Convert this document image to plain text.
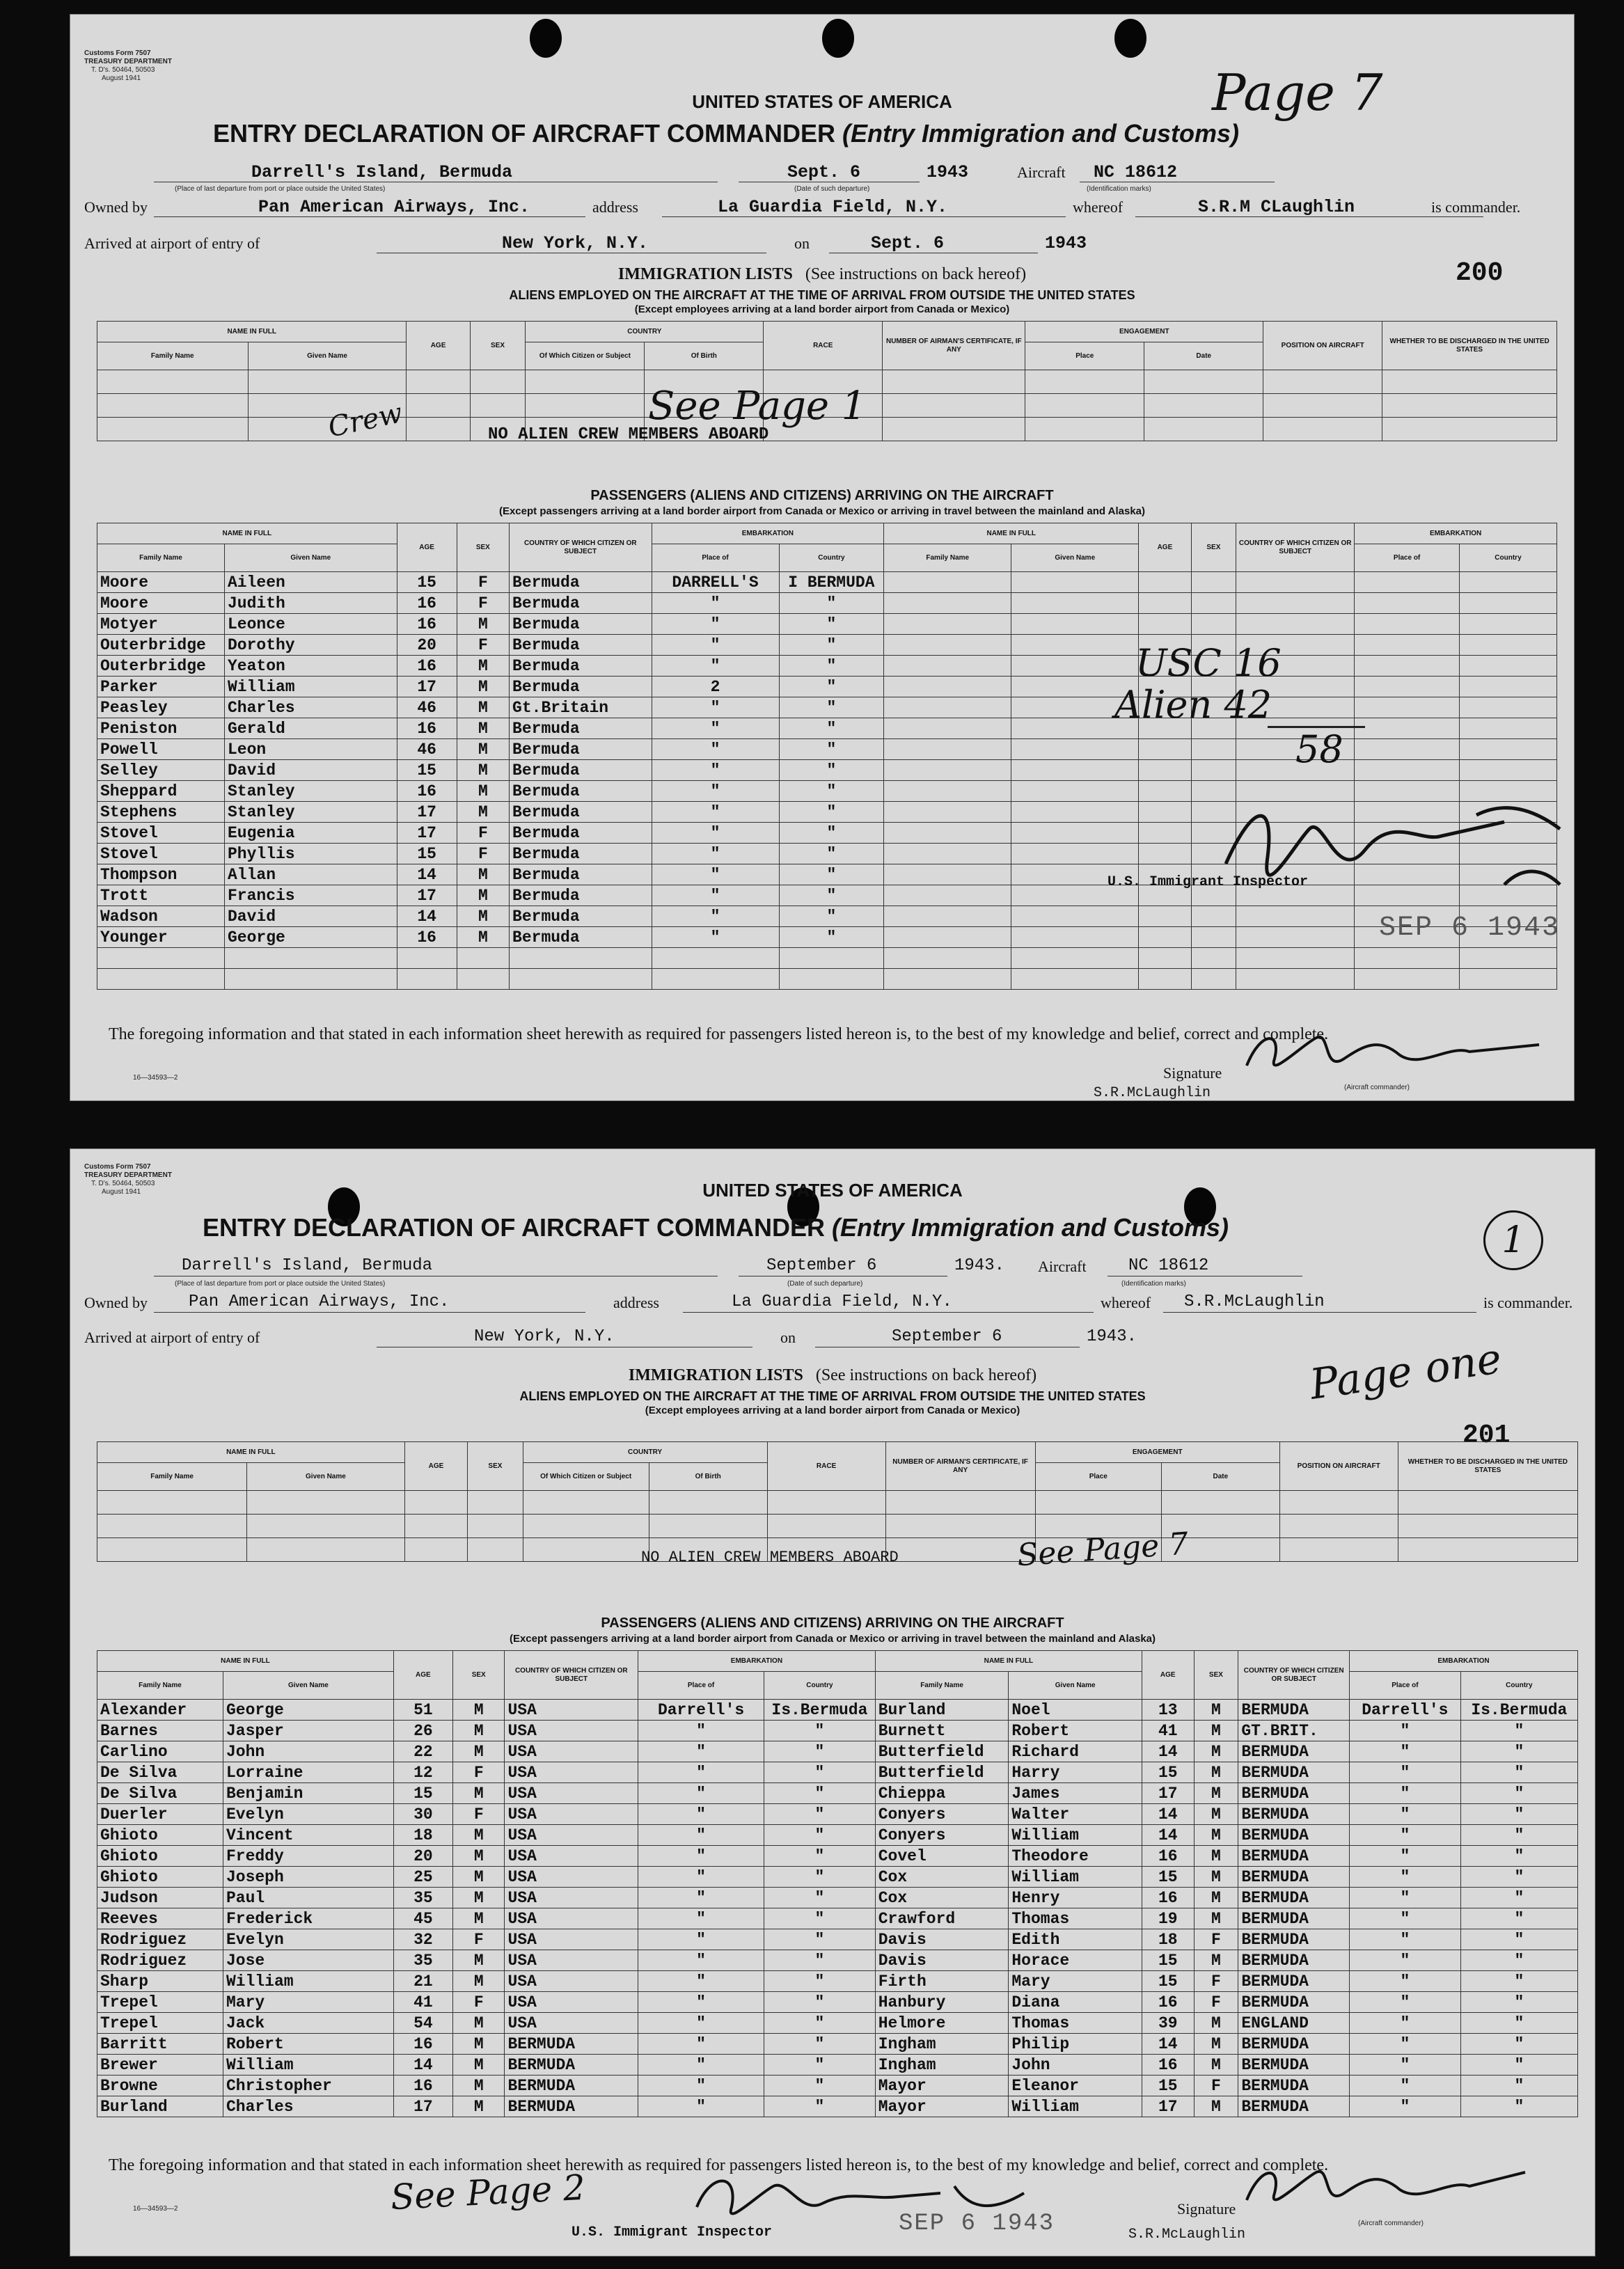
Customs Form 7507
TREASURY DEPARTMENT
T. D's. 50464, 50503
August 1941	Page 7
UNITED STATES OF AMERICA
ENTRY DECLARATION OF AIRCRAFT COMMANDER (Entry Immigration and Customs)
Darrell's Island, Bermuda
(Place of last departure from port or place outside the United States)
Sept. 6
(Date of such departure)
1943	Aircraft NC 18612
(Identification marks)
Owned by	Pan American Airways, Inc.	address	La Guardia Field, N.Y.	whereof	S.R.M CLaughlin	is commander.
Arrived at airport of entry of	New York, N.Y.	on	Sept. 6	1943
200
IMMIGRATION LISTS (See instructions on back hereof)
ALIENS EMPLOYED ON THE AIRCRAFT AT THE TIME OF ARRIVAL FROM OUTSIDE THE UNITED STATES
(Except employees arriving at a land border airport from Canada or Mexico)
NAME IN FULL		AGE	SEX	COUNTRY		RACE	NUMBER OF AIRMAN'S CERTIFICATE, IF ANY	ENGAGEMENT		POSITION ON AIRCRAFT	WHETHER TO BE DISCHARGED IN THE UNITED STATES
Family Name	Given Name			Of Which Citizen or Subject	Of Birth			Place	Date		

NO ALIEN CREW MEMBERS ABOARD
See Page 1
Crew
PASSENGERS (ALIENS AND CITIZENS) ARRIVING ON THE AIRCRAFT
(Except passengers arriving at a land border airport from Canada or Mexico or arriving in travel between the mainland and Alaska)
NAME IN FULL		AGE	SEX	COUNTRY OF WHICH CITIZEN OR SUBJECT	EMBARKATION		NAME IN FULL		AGE	SEX	COUNTRY OF WHICH CITIZEN OR SUBJECT	EMBARKATION	
Family Name	Given Name				Place of	Country	Family Name	Given Name				Place of	Country
Moore	Aileen	15	F	Bermuda	DARRELL'S	I BERMUDA							
Moore	Judith	16	F	Bermuda	"	"							
Motyer	Leonce	16	M	Bermuda	"	"							
Outerbridge	Dorothy	20	F	Bermuda	"	"							
Outerbridge	Yeaton	16	M	Bermuda	"	"							
Parker	William	17	M	Bermuda	2	"							
Peasley	Charles	46	M	Gt.Britain	"	"							
Peniston	Gerald	16	M	Bermuda	"	"							
Powell	Leon	46	M	Bermuda	"	"							
Selley	David	15	M	Bermuda	"	"							
Sheppard	Stanley	16	M	Bermuda	"	"							
Stephens	Stanley	17	M	Bermuda	"	"							
Stovel	Eugenia	17	F	Bermuda	"	"							
Stovel	Phyllis	15	F	Bermuda	"	"							
Thompson	Allan	14	M	Bermuda	"	"							
Trott	Francis	17	M	Bermuda	"	"							
Wadson	David	14	M	Bermuda	"	"							
Younger	George	16	M	Bermuda	"	"							

USC 16
Alien 42
58
U.S. Immigrant Inspector
SEP 6 1943
The foregoing information and that stated in each information sheet herewith as required for passengers listed hereon is, to the best of my knowledge and belief, correct and complete.
16—34593—2	Signature
(Aircraft commander)
S.R.McLaughlin
Customs Form 7507
TREASURY DEPARTMENT
T. D's. 50464, 50503
August 1941	UNITED STATES OF AMERICA
ENTRY DECLARATION OF AIRCRAFT COMMANDER (Entry Immigration and Customs)	1
Darrell's Island, Bermuda
(Place of last departure from port or place outside the United States)
September 6
(Date of such departure)
1943. Aircraft	NC 18612
(Identification marks)
Owned by Pan American Airways, Inc.	address	La Guardia Field, N.Y.	whereof S.R.McLaughlin	is commander.
Arrived at airport of entry of	New York, N.Y.	on	September 6	1943.
IMMIGRATION LISTS (See instructions on back hereof)
ALIENS EMPLOYED ON THE AIRCRAFT AT THE TIME OF ARRIVAL FROM OUTSIDE THE UNITED STATES
(Except employees arriving at a land border airport from Canada or Mexico)
Page one
201
NAME IN FULL		AGE	SEX	COUNTRY		RACE	NUMBER OF AIRMAN'S CERTIFICATE, IF ANY	ENGAGEMENT		POSITION ON AIRCRAFT	WHETHER TO BE DISCHARGED IN THE UNITED STATES
Family Name	Given Name			Of Which Citizen or Subject	Of Birth			Place	Date		

NO ALIEN CREW MEMBERS ABOARD	See Page 7
PASSENGERS (ALIENS AND CITIZENS) ARRIVING ON THE AIRCRAFT
(Except passengers arriving at a land border airport from Canada or Mexico or arriving in travel between the mainland and Alaska)
NAME IN FULL		AGE	SEX	COUNTRY OF WHICH CITIZEN OR SUBJECT	EMBARKATION		NAME IN FULL		AGE	SEX	COUNTRY OF WHICH CITIZEN OR SUBJECT	EMBARKATION	
Family Name	Given Name				Place of	Country	Family Name	Given Name				Place of	Country
Alexander	George	51	M	USA	Darrell's	Is.Bermuda	Burland	Noel	13	M	BERMUDA	Darrell's	Is.Bermuda
Barnes	Jasper	26	M	USA	"	"	Burnett	Robert	41	M	GT.BRIT.	"	"
Carlino	John	22	M	USA	"	"	Butterfield	Richard	14	M	BERMUDA	"	"
De Silva	Lorraine	12	F	USA	"	"	Butterfield	Harry	15	M	BERMUDA	"	"
De Silva	Benjamin	15	M	USA	"	"	Chieppa	James	17	M	BERMUDA	"	"
Duerler	Evelyn	30	F	USA	"	"	Conyers	Walter	14	M	BERMUDA	"	"
Ghioto	Vincent	18	M	USA	"	"	Conyers	William	14	M	BERMUDA	"	"
Ghioto	Freddy	20	M	USA	"	"	Covel	Theodore	16	M	BERMUDA	"	"
Ghioto	Joseph	25	M	USA	"	"	Cox	William	15	M	BERMUDA	"	"
Judson	Paul	35	M	USA	"	"	Cox	Henry	16	M	BERMUDA	"	"
Reeves	Frederick	45	M	USA	"	"	Crawford	Thomas	19	M	BERMUDA	"	"
Rodriguez	Evelyn	32	F	USA	"	"	Davis	Edith	18	F	BERMUDA	"	"
Rodriguez	Jose	35	M	USA	"	"	Davis	Horace	15	M	BERMUDA	"	"
Sharp	William	21	M	USA	"	"	Firth	Mary	15	F	BERMUDA	"	"
Trepel	Mary	41	F	USA	"	"	Hanbury	Diana	16	F	BERMUDA	"	"
Trepel	Jack	54	M	USA	"	"	Helmore	Thomas	39	M	ENGLAND	"	"
Barritt	Robert	16	M	BERMUDA	"	"	Ingham	Philip	14	M	BERMUDA	"	"
Brewer	William	14	M	BERMUDA	"	"	Ingham	John	16	M	BERMUDA	"	"
Browne	Christopher	16	M	BERMUDA	"	"	Mayor	Eleanor	15	F	BERMUDA	"	"
Burland	Charles	17	M	BERMUDA	"	"	Mayor	William	17	M	BERMUDA	"	"
The foregoing information and that stated in each information sheet herewith as required for passengers listed hereon is, to the best of my knowledge and belief, correct and complete.
16—34593—2	See Page 2
U.S. Immigrant Inspector	SEP 6 1943
Signature
(Aircraft commander)
S.R.McLaughlin
